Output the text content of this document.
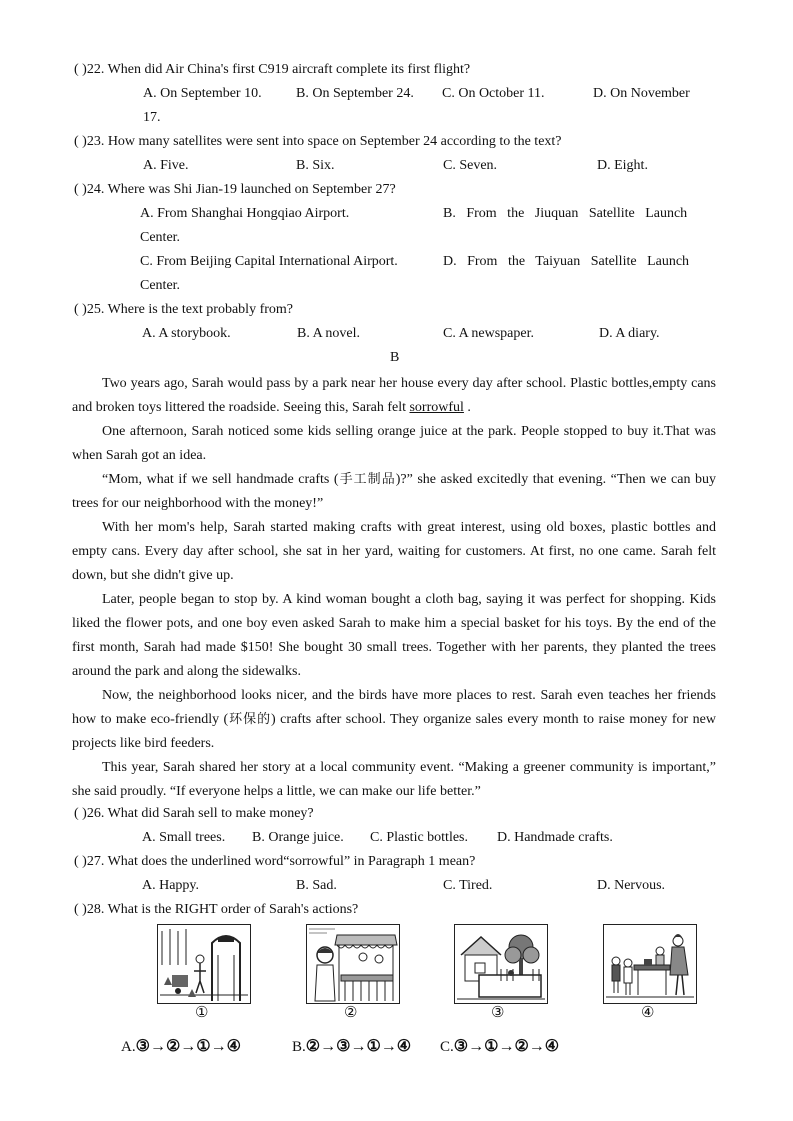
( )22. When did Air China's first C919 aircraft complete its first flight?
A. On September 10. B. On September 24. C. On October 11.	D. On November
17.
( )23. How many satellites were sent into space on September 24 according to the text?
A. Five.	B. Six.	C. Seven.	D. Eight.
( )24. Where was Shi Jian-19 launched on September 27?
A. From Shanghai Hongqiao Airport.	B.   From   the   Jiuquan   Satellite   Launch
Center.
C. From Beijing Capital International Airport.	D.   From   the   Taiyuan   Satellite   Launch
Center.
( )25. Where is the text probably from?
A. A storybook.	B. A novel.	C. A newspaper.	D. A diary.
B
Two years ago, Sarah would pass by a park near her house every day after school. Plastic bottles,empty cans and broken toys littered the roadside. Seeing this, Sarah felt sorrowful .
One afternoon, Sarah noticed some kids selling orange juice at the park. People stopped to buy it.That was when Sarah got an idea.
“Mom, what if we sell handmade crafts (手工制品)?” she asked excitedly that evening. “Then we can buy trees for our neighborhood with the money!”
With her mom's help, Sarah started making crafts with great interest, using old boxes, plastic bottles and empty cans. Every day after school, she sat in her yard, waiting for customers. At first, no one came. Sarah felt down, but she didn't give up.
Later, people began to stop by. A kind woman bought a cloth bag, saying it was perfect for shopping. Kids liked the flower pots, and one boy even asked Sarah to make him a special basket for his toys. By the end of the first month, Sarah had made $150! She bought 30 small trees. Together with her parents, they planted the trees around the park and along the sidewalks.
Now, the neighborhood looks nicer, and the birds have more places to rest. Sarah even teaches her friends how to make eco-friendly (环保的) crafts after school. They organize sales every month to raise money for new projects like bird feeders.
This year, Sarah shared her story at a local community event. “Making a greener community is important,” she said proudly. “If everyone helps a little, we can make our life better.”
( )26. What did Sarah sell to make money?
A. Small trees. B. Orange juice. C. Plastic bottles. D. Handmade crafts.
( )27. What does the underlined word“sorrowful” in Paragraph 1 mean?
A. Happy.	B. Sad.	C. Tired.	D. Nervous.
( )28. What is the RIGHT order of Sarah's actions?
①	②	③	④
A.③→②→①→④	B.②→③→①→④ C.③→①→②→④
